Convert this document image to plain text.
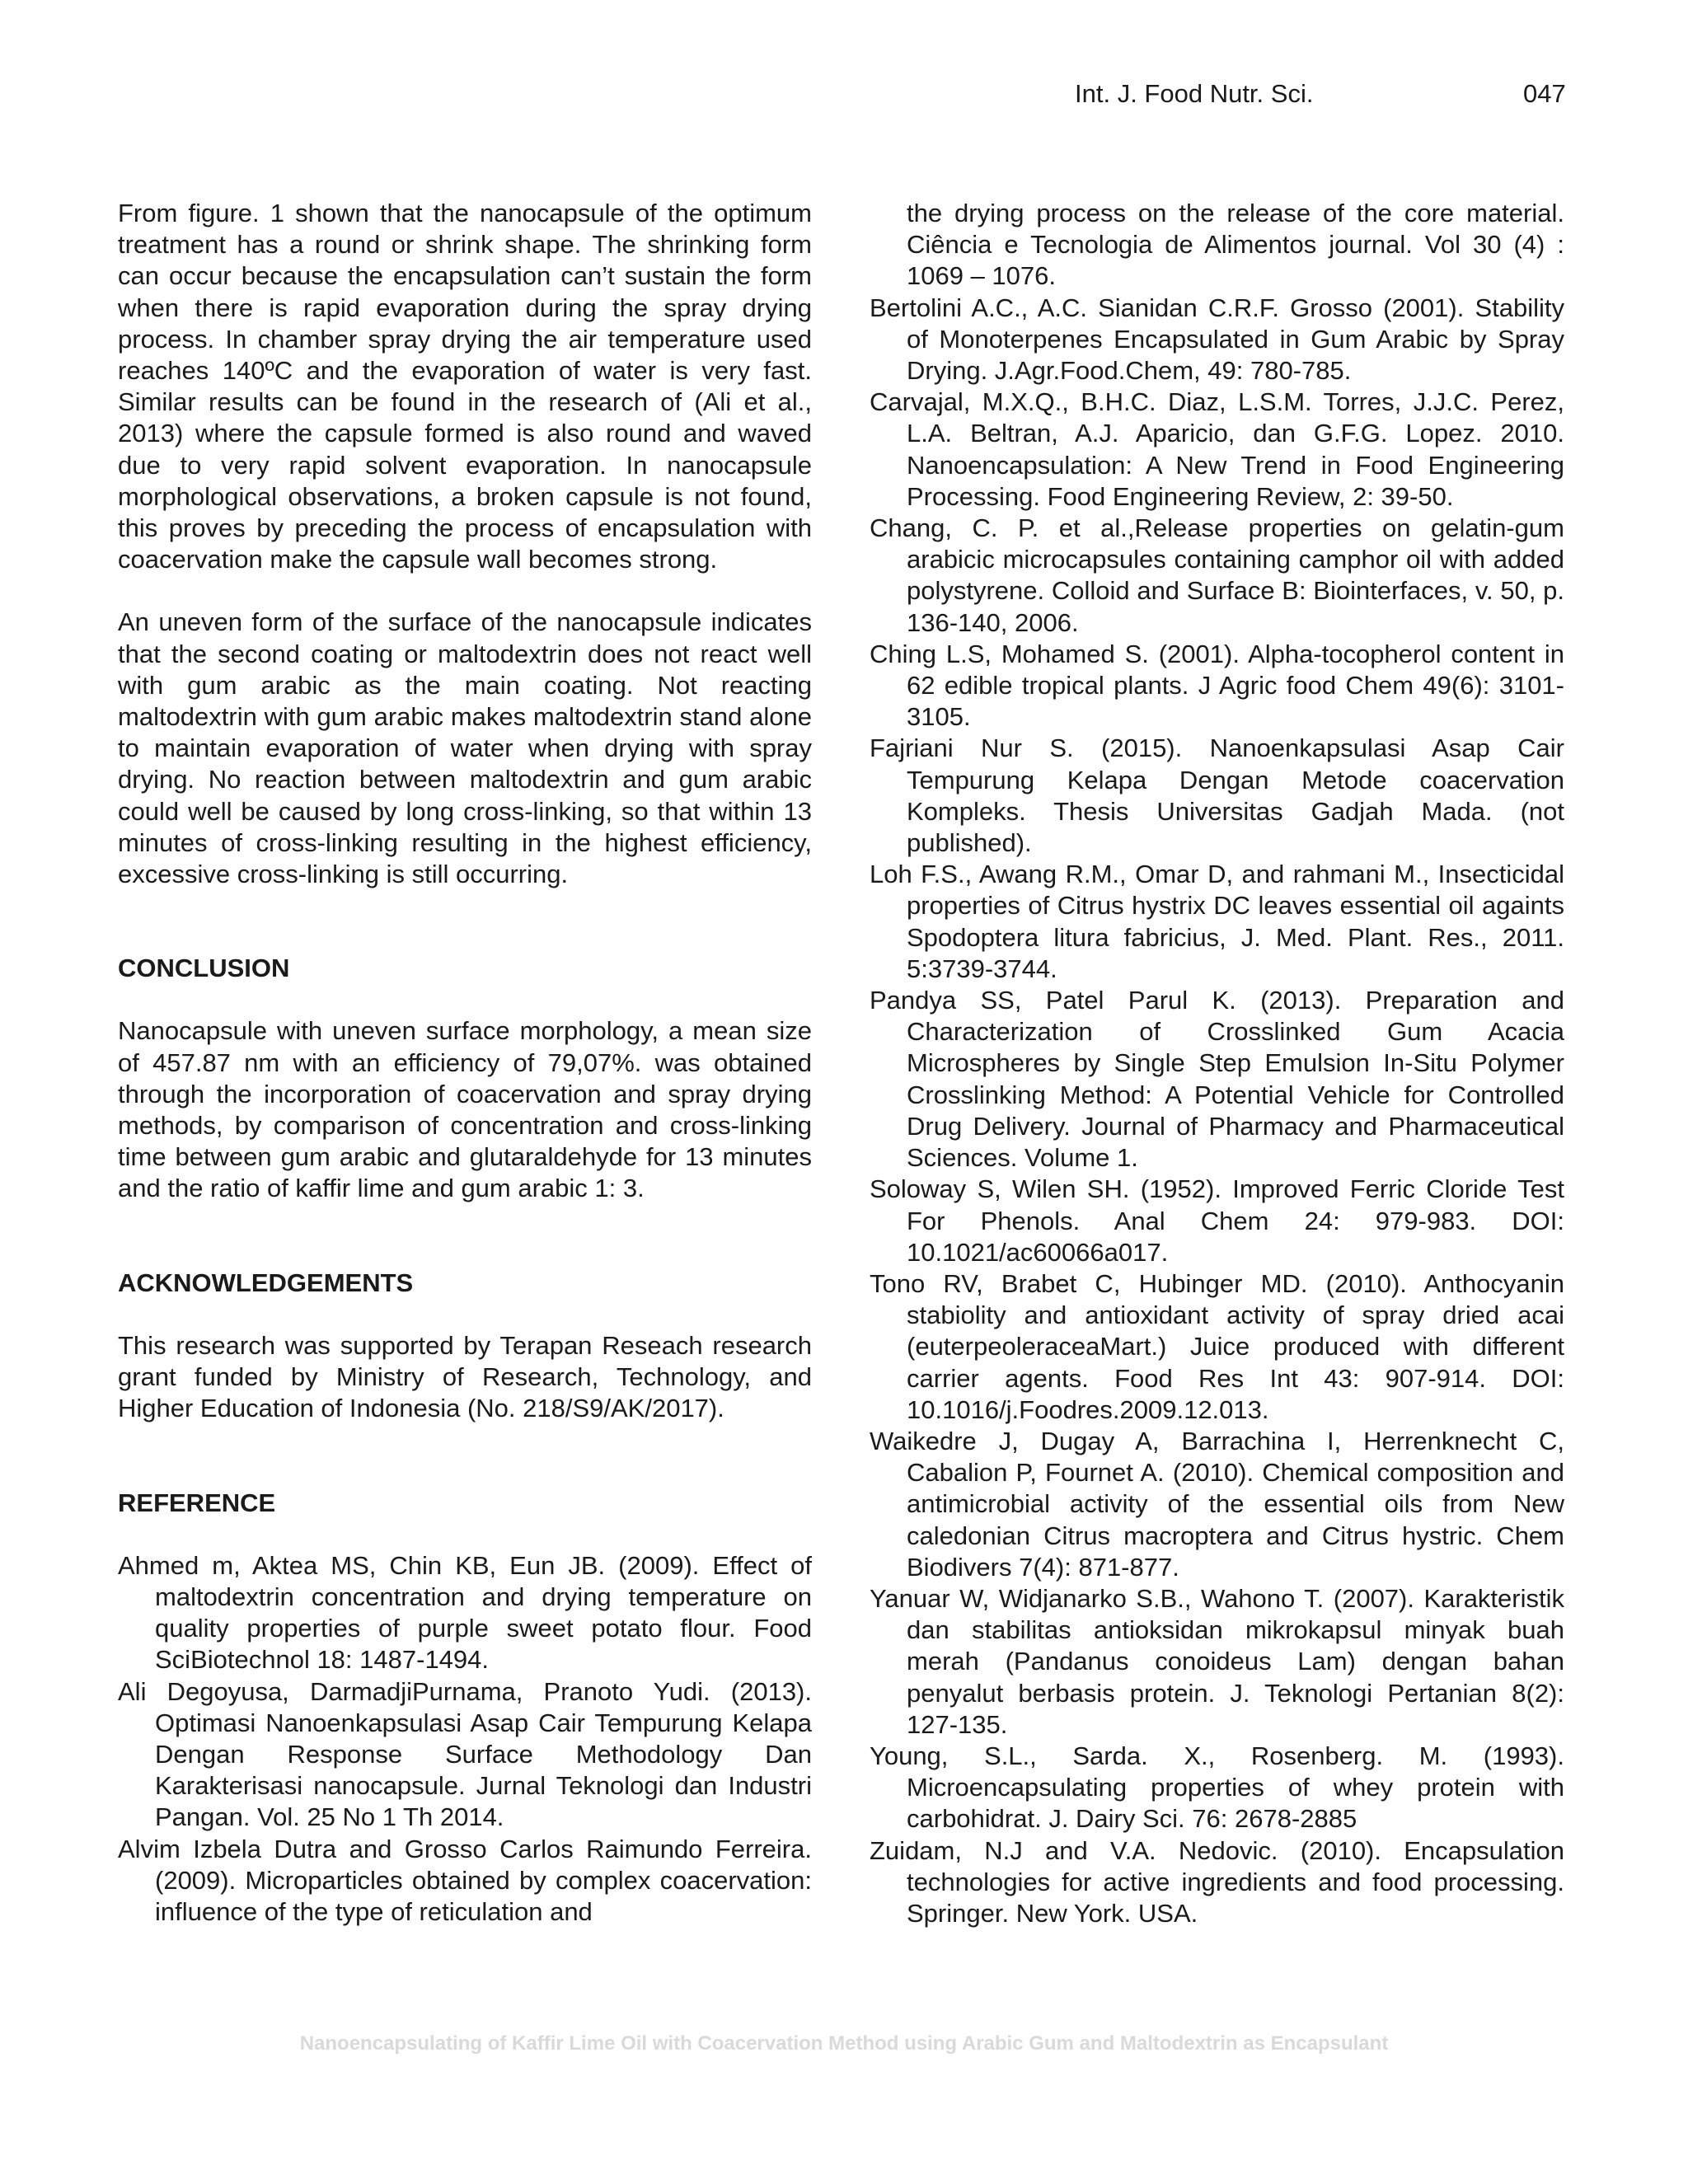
Int. J. Food Nutr. Sci.	047

From figure. 1 shown that the nanocapsule of the optimum treatment has a round or shrink shape. The shrinking form can occur because the encapsulation can’t sustain the form when there is rapid evaporation during the spray drying process. In chamber spray drying the air temperature used reaches 140ºC and the evaporation of water is very fast. Similar results can be found in the research of (Ali et al., 2013) where the capsule formed is also round and waved due to very rapid solvent evaporation. In nanocapsule morphological observations, a broken capsule is not found, this proves by preceding the process of encapsulation with coacervation make the capsule wall becomes strong.

An uneven form of the surface of the nanocapsule indicates that the second coating or maltodextrin does not react well with gum arabic as the main coating. Not reacting maltodextrin with gum arabic makes maltodextrin stand alone to maintain evaporation of water when drying with spray drying. No reaction between maltodextrin and gum arabic could well be caused by long cross-linking, so that within 13 minutes of cross-linking resulting in the highest efficiency, excessive cross-linking is still occurring.

CONCLUSION

Nanocapsule with uneven surface morphology, a mean size of 457.87 nm with an efficiency of 79,07%. was obtained through the incorporation of coacervation and spray drying methods, by comparison of concentration and cross-linking time between gum arabic and glutaraldehyde for 13 minutes and the ratio of kaffir lime and gum arabic 1: 3.

ACKNOWLEDGEMENTS

This research was supported by Terapan Reseach research grant funded by Ministry of Research, Technology, and Higher Education of Indonesia (No. 218/S9/AK/2017).

REFERENCE

Ahmed m, Aktea MS, Chin KB, Eun JB. (2009). Effect of maltodextrin concentration and drying temperature on quality properties of purple sweet potato flour. Food SciBiotechnol 18: 1487-1494.

Ali Degoyusa, DarmadjiPurnama, Pranoto Yudi. (2013). Optimasi Nanoenkapsulasi Asap Cair Tempurung Kelapa Dengan Response Surface Methodology Dan Karakterisasi nanocapsule. Jurnal Teknologi dan Industri Pangan. Vol. 25 No 1 Th 2014.

Alvim Izbela Dutra and Grosso Carlos Raimundo Ferreira. (2009). Microparticles obtained by complex coacervation: influence of the type of reticulation and

the drying process on the release of the core material. Ciência e Tecnologia de Alimentos journal. Vol 30 (4) : 1069 – 1076.

Bertolini A.C., A.C. Sianidan C.R.F. Grosso (2001). Stability of Monoterpenes Encapsulated in Gum Arabic by Spray Drying. J.Agr.Food.Chem, 49: 780-785.

Carvajal, M.X.Q., B.H.C. Diaz, L.S.M. Torres, J.J.C. Perez, L.A. Beltran, A.J. Aparicio, dan G.F.G. Lopez. 2010. Nanoencapsulation: A New Trend in Food Engineering Processing. Food Engineering Review, 2: 39-50.

Chang, C. P. et al.,Release properties on gelatin-gum arabicic microcapsules containing camphor oil with added polystyrene. Colloid and Surface B: Biointerfaces, v. 50, p. 136-140, 2006.

Ching L.S, Mohamed S. (2001). Alpha-tocopherol content in 62 edible tropical plants. J Agric food Chem 49(6): 3101-3105.

Fajriani Nur S. (2015). Nanoenkapsulasi Asap Cair Tempurung Kelapa Dengan Metode coacervation Kompleks. Thesis Universitas Gadjah Mada. (not published).

Loh F.S., Awang R.M., Omar D, and rahmani M., Insecticidal properties of Citrus hystrix DC leaves essential oil againts Spodoptera litura fabricius, J. Med. Plant. Res., 2011. 5:3739-3744.

Pandya SS, Patel Parul K. (2013). Preparation and Characterization of Crosslinked Gum Acacia Microspheres by Single Step Emulsion In-Situ Polymer Crosslinking Method: A Potential Vehicle for Controlled Drug Delivery. Journal of Pharmacy and Pharmaceutical Sciences. Volume 1.

Soloway S, Wilen SH. (1952). Improved Ferric Cloride Test For Phenols. Anal Chem 24: 979-983. DOI: 10.1021/ac60066a017.

Tono RV, Brabet C, Hubinger MD. (2010). Anthocyanin stabiolity and antioxidant activity of spray dried acai (euterpeoleraceaMart.) Juice produced with different carrier agents. Food Res Int 43: 907-914. DOI: 10.1016/j.Foodres.2009.12.013.

Waikedre J, Dugay A, Barrachina I, Herrenknecht C, Cabalion P, Fournet A. (2010). Chemical composition and antimicrobial activity of the essential oils from New caledonian Citrus macroptera and Citrus hystric. Chem Biodivers 7(4): 871-877.

Yanuar W, Widjanarko S.B., Wahono T. (2007). Karakteristik dan stabilitas antioksidan mikrokapsul minyak buah merah (Pandanus conoideus Lam) dengan bahan penyalut berbasis protein. J. Teknologi Pertanian 8(2): 127-135.

Young, S.L., Sarda. X., Rosenberg. M. (1993). Microencapsulating properties of whey protein with carbohidrat. J. Dairy Sci. 76: 2678-2885

Zuidam, N.J and V.A. Nedovic. (2010). Encapsulation technologies for active ingredients and food processing. Springer. New York. USA.

Nanoencapsulating of Kaffir Lime Oil with Coacervation Method using Arabic Gum and Maltodextrin as Encapsulant
